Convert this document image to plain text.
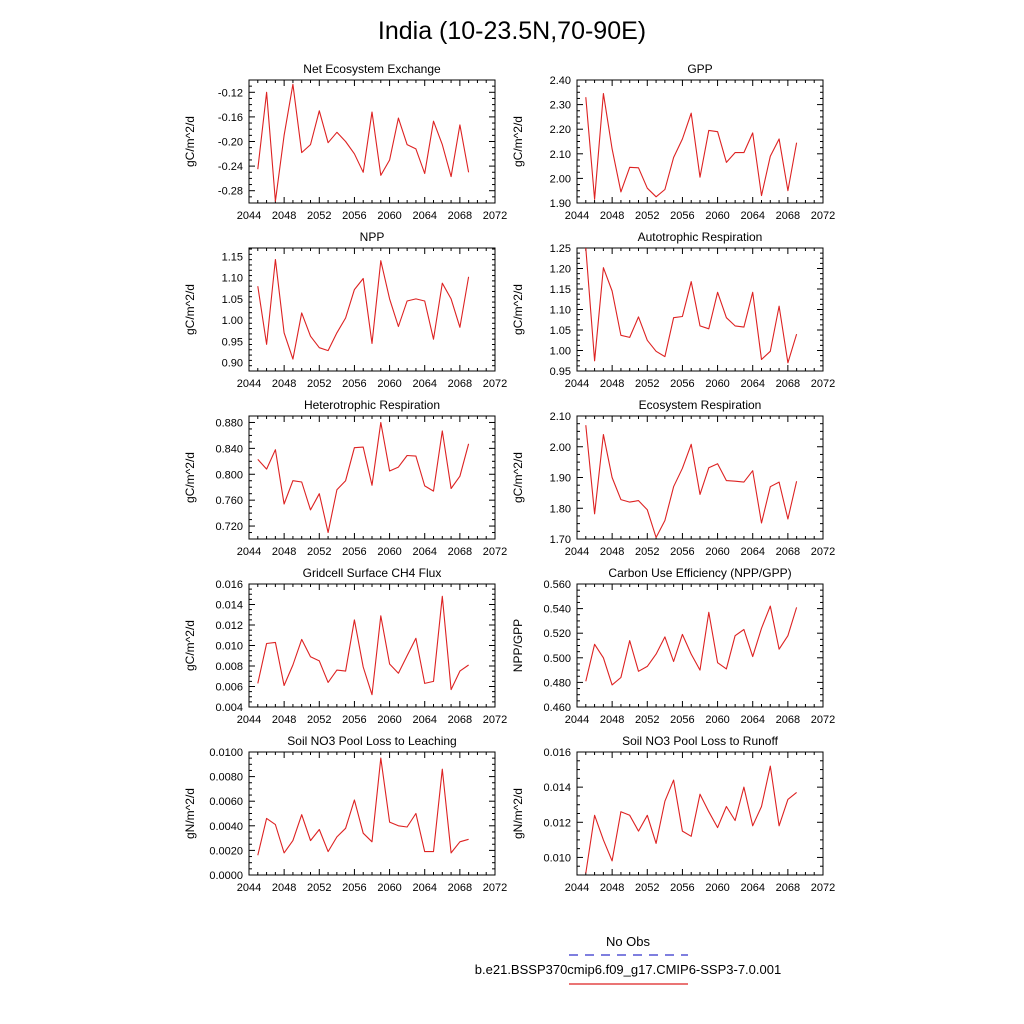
India (10-23.5N,70-90E)
Net Ecosystem Exchange
2044 2048 2052 2056 2060 2064 2068 2072
-0.12
-0.16
-0.20
-0.24
-0.28
gC/m^2/d
GPP
2044 2048 2052 2056 2060 2064 2068 2072
2.40
2.30
2.20
2.10
2.00
1.90
gC/m^2/d
NPP
2044 2048 2052 2056 2060 2064 2068 2072
1.15
1.10
1.05
1.00
0.95
0.90
gC/m^2/d
Autotrophic Respiration
2044 2048 2052 2056 2060 2064 2068 2072
1.25
1.20
1.15
1.10
1.05
1.00
0.95
gC/m^2/d
Heterotrophic Respiration
2044 2048 2052 2056 2060 2064 2068 2072
0.880
0.840
0.800
0.760
0.720
gC/m^2/d
Ecosystem Respiration
2044 2048 2052 2056 2060 2064 2068 2072
2.10
2.00
1.90
1.80
1.70
gC/m^2/d
Gridcell Surface CH4 Flux
2044 2048 2052 2056 2060 2064 2068 2072
0.016
0.014
0.012
0.010
0.008
0.006
0.004
gC/m^2/d
Carbon Use Efficiency (NPP/GPP)
2044 2048 2052 2056 2060 2064 2068 2072
0.560
0.540
0.520
0.500
0.480
0.460
NPP/GPP
Soil NO3 Pool Loss to Leaching
2044 2048 2052 2056 2060 2064 2068 2072
0.0100
0.0080
0.0060
0.0040
0.0020
0.0000
gN/m^2/d
Soil NO3 Pool Loss to Runoff
2044 2048 2052 2056 2060 2064 2068 2072
0.016
0.014
0.012
0.010
gN/m^2/d
No Obs
b.e21.BSSP370cmip6.f09_g17.CMIP6-SSP3-7.0.001
